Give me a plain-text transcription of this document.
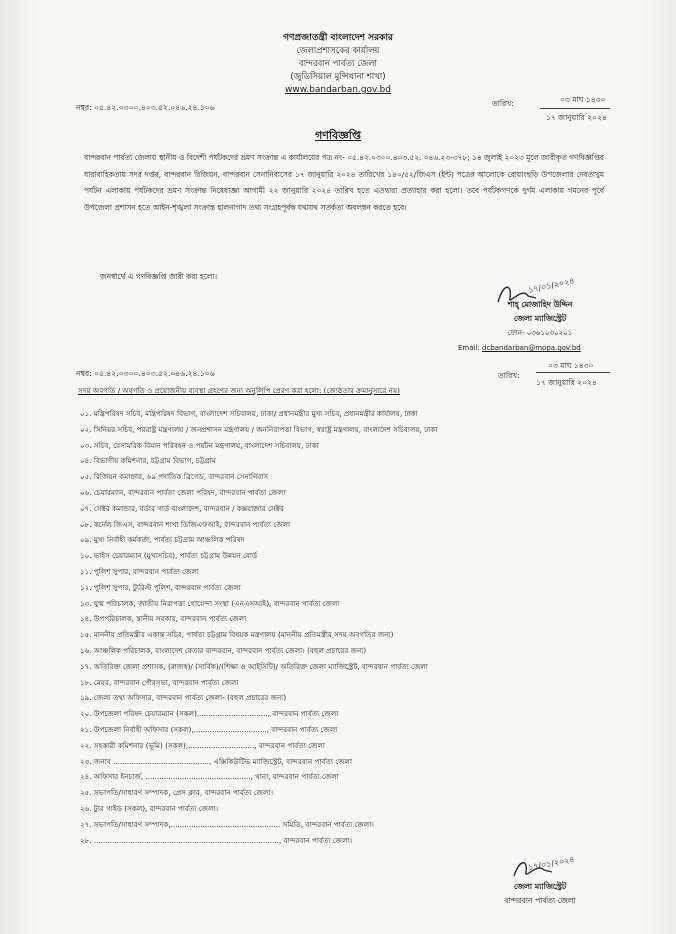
গণপ্রজাতন্ত্রী বাংলাদেশ সরকার
জেলাপ্রশাসকের কার্যালয়
বান্দরবান পার্বত্য জেলা
(জুডিসিয়াল মুন্সিখানা শাখা)
www.bandarban.gov.bd
নম্বর: ০৫.৪২.০৩০০.৪০৩.৫২.০৪৬.২৪.১০৬	তারিখ:	০৩ মাঘ ১৪৩০
১৭ জানুয়ারি ২০২৪
গণবিজ্ঞপ্তি
বান্দরবান পার্বত্য জেলায় স্থানীয় ও বিদেশী পর্যটকদের ভ্রমণ সংক্রান্ত এ কার্যালয়ের পত্র নং- ০৫.৪২.০৩০০.৪০৩.৫২. ০৪৬.২৩-৩৭৮; ১৪ জুলাই ২০২৩ মূলে জারীকৃত গণবিজ্ঞপ্তির ধারাবাহিকতায় সদর দপ্তর, বান্দরবান রিজিয়ন, বান্দরবান সেনানিবাসের ১৭ জানুয়ারি ২০২৪ তারিখের ১৪০/৫২/জিএস (ইন্ট) পত্রের আলোকে রোয়াংছড়ি উপজেলার দেবতাখুম পর্যটন এলাকায় পর্যটকদের ভ্রমণ সংক্রান্ত নিষেধাজ্ঞা আগামী ২২ জানুয়ারি ২০২৪ তারিখ হতে এতদ্বারা প্রত্যাহার করা হলো। তবে পর্যটকগণকে দুর্গম এলাকায় গমনের পূর্বে উপজেলা প্রশাসন হতে আইন-শৃঙ্খলা সংক্রান্ত হালনাগাদ তথ্য সংগ্রহপূর্বক যথাযথ সতর্কতা অবলম্বন করতে হবে।
জনস্বার্থে এ গণবিজ্ঞপ্তি জারী করা হলো।	১৭/০১/২০২৪
শাহ্ মোজাহিদ উদ্দিন
জেলা ম্যাজিস্ট্রেট
ফোন- ০৩৬১০৩০২০১
Email: dcbandarban@mopa.gov.bd
নম্বর: ০৫.৪২.০৩০০.৪০৩.৫২.০৪৬.২৪.১০৬	তারিখ:
০৩ মাঘ ১৪৩০
১৭ জানুয়ারি ২০২৪
সদয় অবগতি / অবগতি ও প্রয়োজনীয় ব্যবস্থা গ্রহণের জন্য অনুলিপি প্রেরণ করা হলো: (জ্যেষ্ঠতার ক্রমানুসারে নয়)
০১. মন্ত্রিপরিষদ সচিব, মন্ত্রিপরিষদ বিভাগ, বাংলাদেশ সচিবালয়, ঢাকা/ প্রধানমন্ত্রীর মুখ্য সচিব, প্রধানমন্ত্রীর কার্যালয়, ঢাকা
০২. সিনিয়র সচিব, পররাষ্ট্র মন্ত্রণালয় / জনপ্রশাসন মন্ত্রণালয় / জননিরাপত্তা বিভাগ, স্বরাষ্ট্র মন্ত্রণালয়, বাংলাদেশ সচিবালয়, ঢাকা
০৩. সচিব, বেসামরিক বিমান পরিবহন ও পর্যটন মন্ত্রণালয়, বাংলাদেশ সচিবালয়, ঢাকা
০৪. বিভাগীয় কমিশনার, চট্টগ্রাম বিভাগ, চট্টগ্রাম
০৫. রিজিয়ন কমান্ডার, ৬৯ পদাতিক ব্রিগেড, বান্দরবান সেনানিবাস
০৬. চেয়ারম্যান, বান্দরবান পার্বত্য জেলা পরিষদ, বান্দরবান পার্বত্য জেলা
০৭. সেক্টর কমান্ডার, বর্ডার গার্ড বাংলাদেশ, বান্দরবান / কক্সবাজার সেক্টর
০৮. কর্নেল জিএস, বান্দরবান শাখা ডিজিএফআই, বান্দরবান পার্বত্য জেলা
০৯. মুখ্য নির্বাহী কর্মকর্তা, পার্বত্য চট্টগ্রাম আঞ্চলিক পরিষদ
১০. ভাইস চেয়ারম্যান (মুখ্যসচিব), পার্বত্য চট্টগ্রাম উন্নয়ন বোর্ড
১১. পুলিশ সুপার, বান্দরবান পার্বত্য জেলা
১২. পুলিশ সুপার, ট্যুরিস্ট পুলিশ, বান্দরবান পার্বত্য জেলা
১৩. যুগ্ম পরিচালক, জাতীয় নিরাপত্তা গোয়েন্দা সংস্থা (এনএসআই), বান্দরবান পার্বত্য জেলা
১৪. উপপরিচালক, স্থানীয় সরকার, বান্দরবান পার্বত্য জেলা
১৫. মাননীয় প্রতিমন্ত্রীর একান্ত সচিব, পার্বত্য চট্টগ্রাম বিষয়ক মন্ত্রণালয় (মাননীয় প্রতিমন্ত্রীর সদয় অবগতির জন্য)
১৬. আঞ্চলিক পরিচালক, বাংলাদেশ বেতার বান্দরবান, বান্দরবান পার্বত্য জেলা। (বহুল প্রচারের জন্য)
১৭. অতিরিক্ত জেলা প্রশাসক, (রাজস্ব)/ (সার্বিক)/(শিক্ষা ও আইসিটি)/ অতিরিক্ত জেলা ম্যাজিস্ট্রেট, বান্দরবান পার্বত্য জেলা
১৮. মেয়র, বান্দরবান পৌরসভা, বান্দরবান পার্বত্য জেলা
১৯. জেলা তথ্য অফিসার, বান্দরবান পার্বত্য জেলা- (বহুল প্রচারের জন্য)
২০. উপজেলা পরিষদ চেয়ারম্যান (সকল),.............................., বান্দরবান পার্বত্য জেলা
২১. উপজেলা নির্বাহী অফিসার (সকল),................................, বান্দরবান পার্বত্য জেলা
২২. সহকারী কমিশনার (ভূমি) (সকল),............................., বান্দরবান পার্বত্য জেলা
২৩. জনাব .........................................., এক্সিকিউটিভ ম্যাজিস্ট্রেট, বান্দরবান পার্বত্য জেলা
২৪. অফিসার ইনচার্জ, .............................................., থানা, বান্দরবান পার্বত্য জেলা
২৫. সভাপতি/সাধারণ সম্পাদক, প্রেস ক্লাব, বান্দরবান পার্বত্য জেলা।
২৬. ট্যুর গাইড (সকল), বান্দরবান পার্বত্য জেলা।
২৭. সভাপতি/সাধারণ সম্পাদক,................................................ সমিতি, বান্দরবান পার্বত্য জেলা।
২৮. ................................................................................., বান্দরবান পার্বত্য জেলা।
১৭/০১/২০২৪
জেলা ম্যাজিস্ট্রেট
বান্দরবান পার্বত্য জেলা
